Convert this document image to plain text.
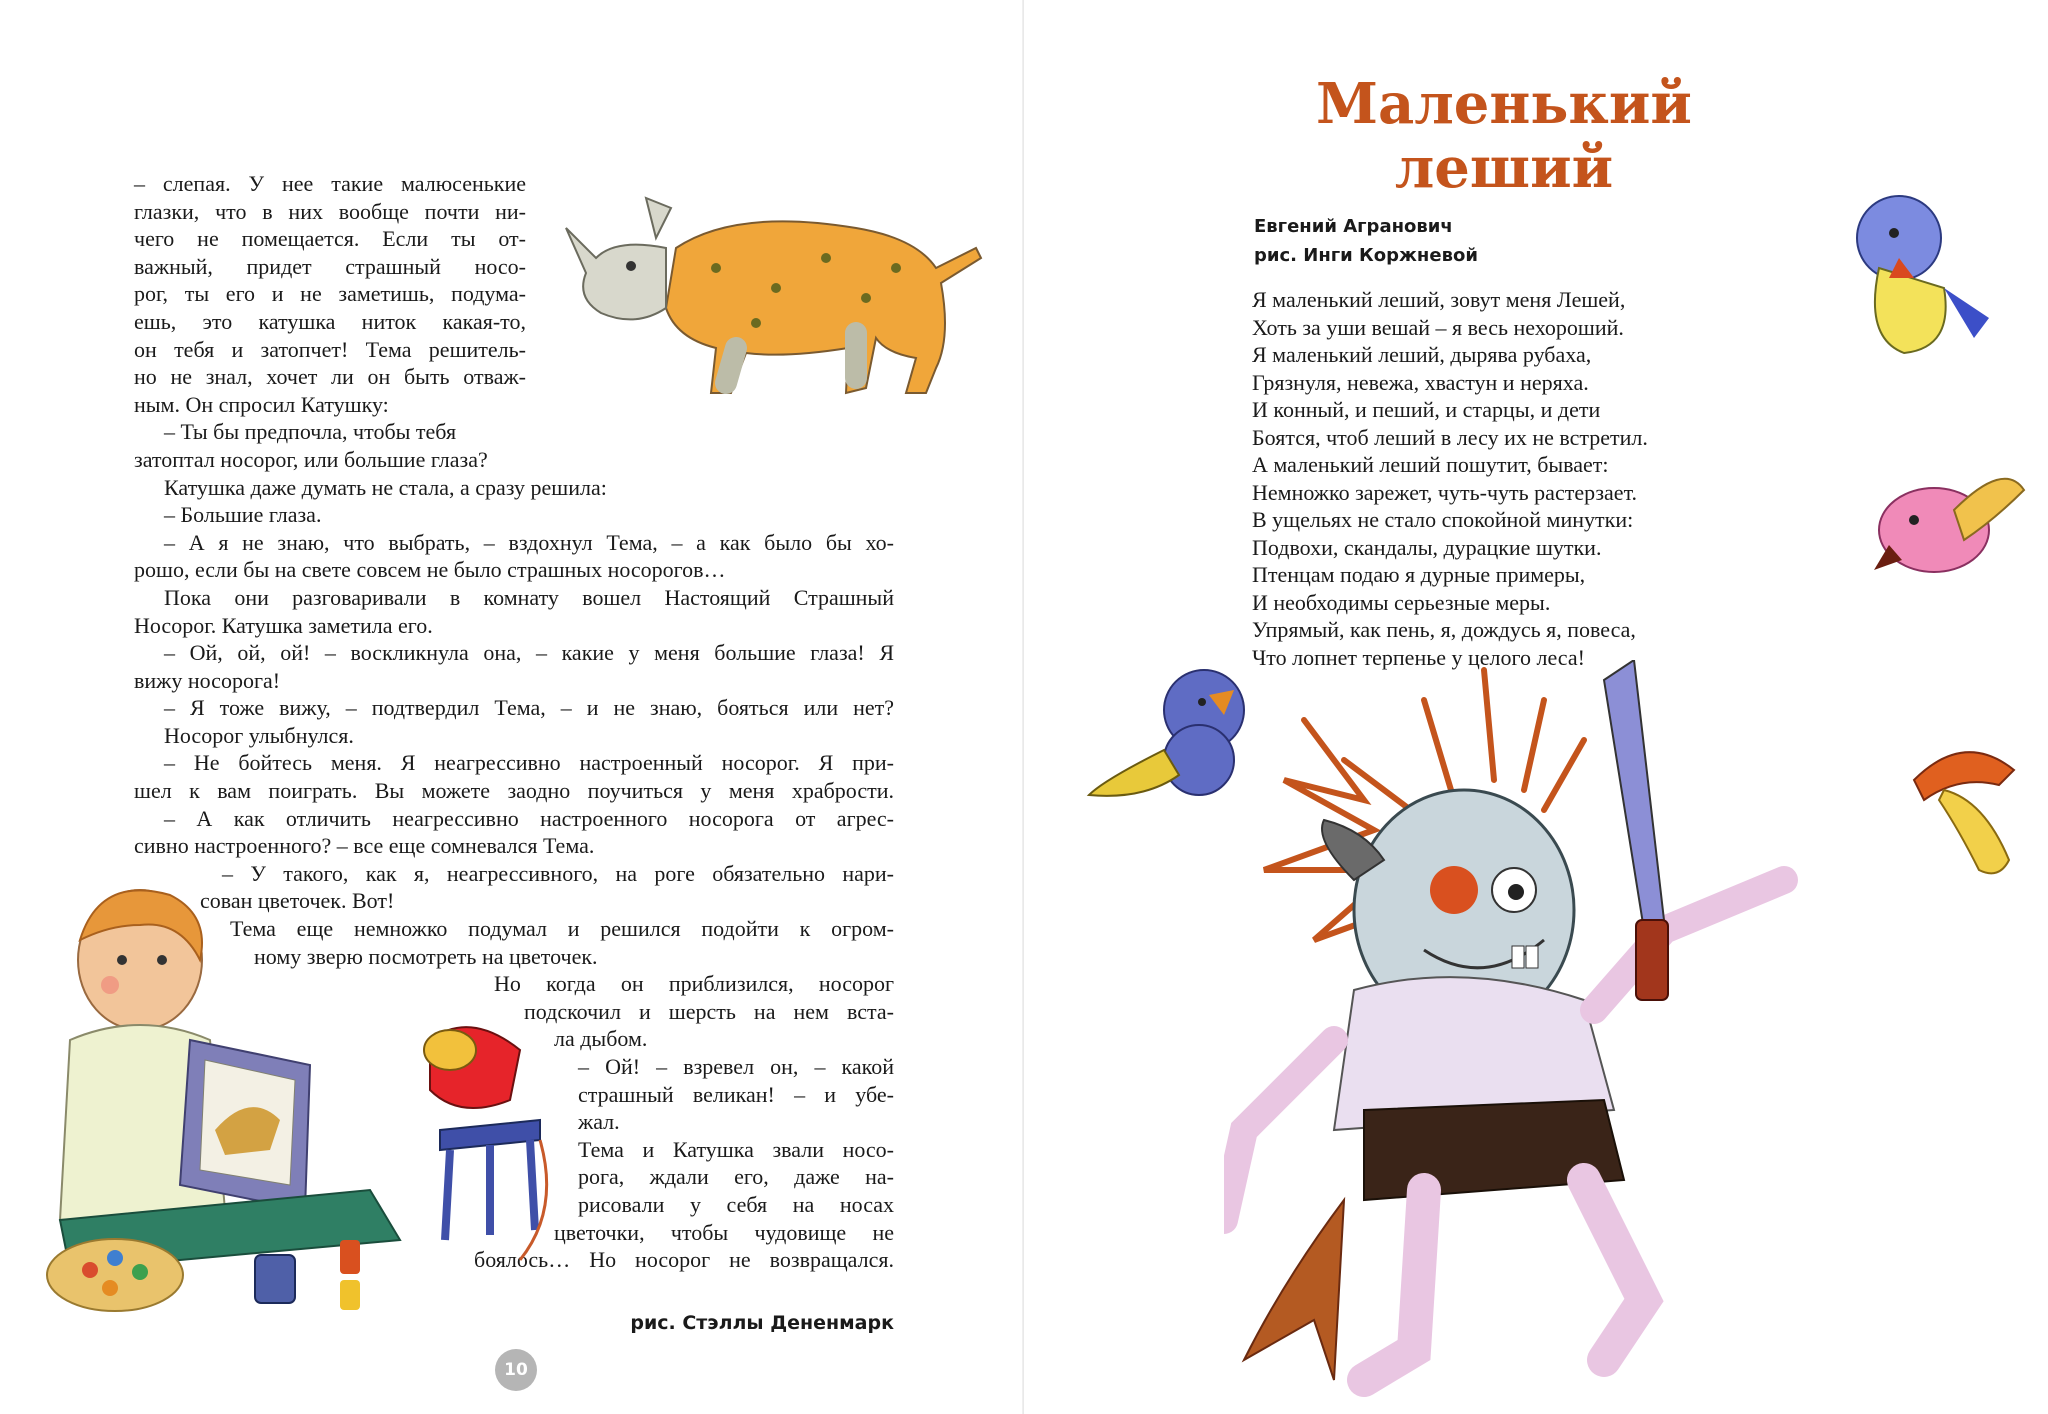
– слепая. У нее такие малюсенькие
глазки, что в них вообще почти ни-
чего не помещается. Если ты от-
важный, придет страшный носо-
рог, ты его и не заметишь, подума-
ешь, это катушка ниток какая-то,
он тебя и затопчет! Тема решитель-
но не знал, хочет ли он быть отваж-
ным. Он спросил Катушку:
– Ты бы предпочла, чтобы тебя
затоптал носорог, или большие глаза?
Катушка даже думать не стала, а сразу решила:
– Большие глаза.
– А я не знаю, что выбрать, – вздохнул Тема, – а как было бы хо-
рошо, если бы на свете совсем не было страшных носорогов…
Пока они разговаривали в комнату вошел Настоящий Страшный
Носорог. Катушка заметила его.
– Ой, ой, ой! – воскликнула она, – какие у меня большие глаза! Я
вижу носорога!
– Я тоже вижу, – подтвердил Тема, – и не знаю, бояться или нет?
Носорог улыбнулся.
– Не бойтесь меня. Я неагрессивно настроенный носорог. Я при-
шел к вам поиграть. Вы можете заодно поучиться у меня храбрости.
– А как отличить неагрессивно настроенного носорога от агрес-
сивно настроенного? – все еще сомневался Тема.
– У такого, как я, неагрессивного, на роге обязательно нари-
сован цветочек. Вот!
Тема еще немножко подумал и решился подойти к огром-
ному зверю посмотреть на цветочек.
Но когда он приблизился, носорог
подскочил и шерсть на нем вста-
ла дыбом.
– Ой! – взревел он, – какой
страшный великан! – и убе-
жал.
Тема и Катушка звали носо-
рога, ждали его, даже на-
рисовали у себя на носах
цветочки, чтобы чудовище не
боялось… Но носорог не возвращался.
рис. Стэллы Денeнмарк
10
Маленький
леший
Евгений Агранович
рис. Инги Коржневой
Я маленький леший, зовут меня Лешей,
Хоть за уши вешай – я весь нехороший.
Я маленький леший, дырява рубаха,
Грязнуля, невежа, хвастун и неряха.
И конный, и пеший, и старцы, и дети
Боятся, чтоб леший в лесу их не встретил.
А маленький леший пошутит, бывает:
Немножко зарежет, чуть-чуть растерзает.
В ущельях не стало спокойной минутки:
Подвохи, скандалы, дурацкие шутки.
Птенцам подаю я дурные примеры,
И необходимы серьезные меры.
Упрямый, как пень, я, дождусь я, повеса,
Что лопнет терпенье у целого леса!
